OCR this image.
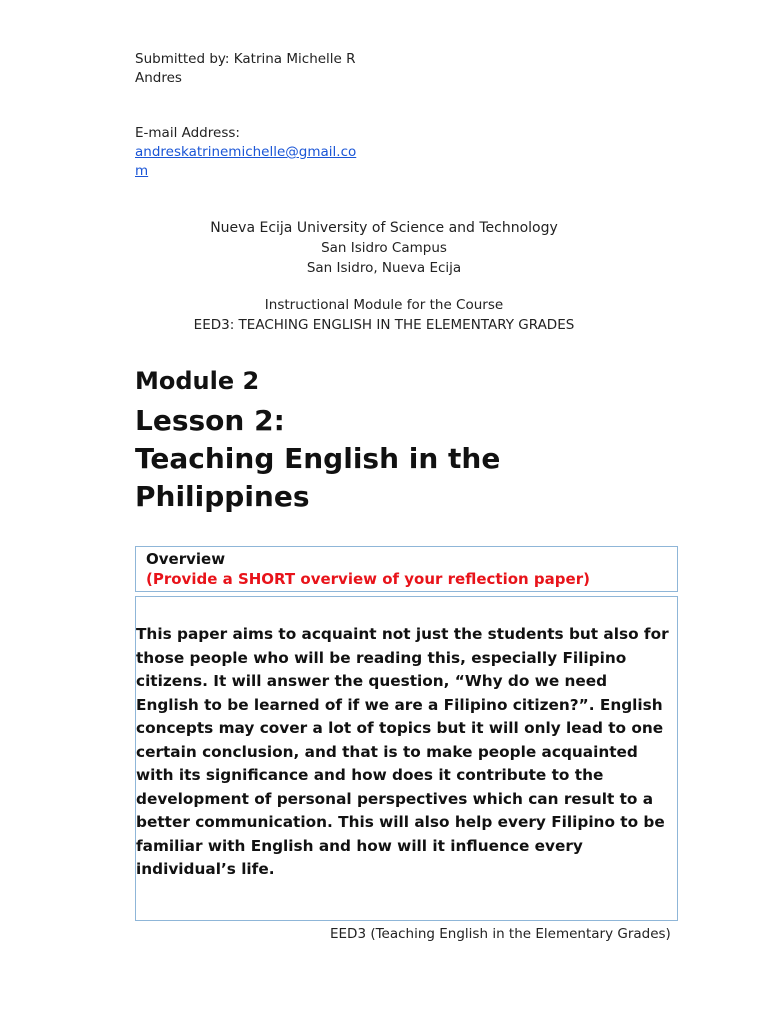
Submitted by: Katrina Michelle R
Andres
E-mail Address:
andreskatrinemichelle@gmail.co
m
Nueva Ecija University of Science and Technology
San Isidro Campus
San Isidro, Nueva Ecija
Instructional Module for the Course
EED3: TEACHING ENGLISH IN THE ELEMENTARY GRADES
Module 2
Lesson 2:
Teaching English in the
Philippines
Overview
(Provide a SHORT overview of your reflection paper)
This paper aims to acquaint not just the students but also for
those people who will be reading this, especially Filipino
citizens. It will answer the question, “Why do we need
English to be learned of if we are a Filipino citizen?”. English
concepts may cover a lot of topics but it will only lead to one
certain conclusion, and that is to make people acquainted
with its significance and how does it contribute to the
development of personal perspectives which can result to a
better communication. This will also help every Filipino to be
familiar with English and how will it influence every
individual’s life.
EED3 (Teaching English in the Elementary Grades)
